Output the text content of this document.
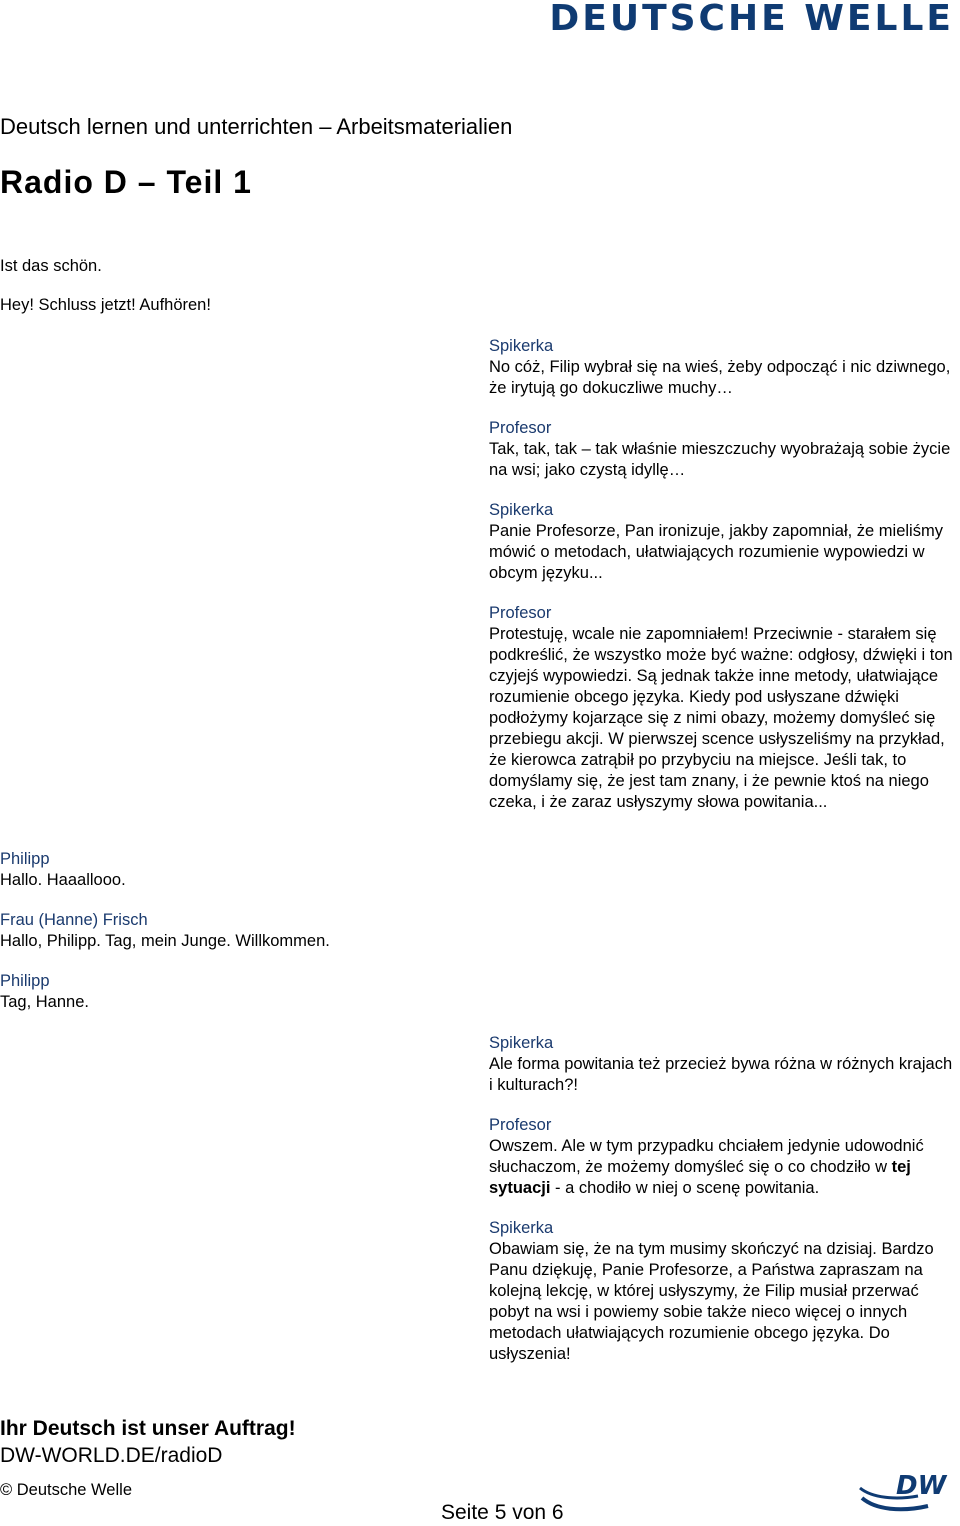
DEUTSCHE WELLE
Deutsch lernen und unterrichten – Arbeitsmaterialien
Radio D – Teil 1
Ist das schön.
Hey! Schluss jetzt! Aufhören!
Spikerka
No cóż, Filip wybrał się na wieś, żeby odpocząć i nic dziwnego, że irytują go dokuczliwe muchy…
Profesor
Tak, tak, tak – tak właśnie mieszczuchy wyobrażają sobie życie na wsi; jako czystą idyllę…
Spikerka
Panie Profesorze, Pan ironizuje, jakby zapomniał, że mieliśmy mówić o metodach, ułatwiających rozumienie wypowiedzi w obcym języku...
Profesor
Protestuję, wcale nie zapomniałem! Przeciwnie - starałem się podkreślić, że wszystko może być ważne: odgłosy, dźwięki i ton czyjejś wypowiedzi. Są jednak także inne metody, ułatwiające rozumienie obcego języka. Kiedy pod usłyszane dźwięki podłożymy kojarzące się z nimi obazy, możemy domyśleć się przebiegu akcji. W pierwszej scence usłyszeliśmy na przykład, że kierowca zatrąbił po przybyciu na miejsce. Jeśli tak, to domyślamy się, że jest tam znany, i że pewnie ktoś na niego czeka, i że zaraz usłyszymy słowa powitania...
Philipp
Hallo. Haaallooo.
Frau (Hanne) Frisch
Hallo, Philipp. Tag, mein Junge. Willkommen.
Philipp
Tag, Hanne.
Spikerka
Ale forma powitania też przecież bywa różna w różnych krajach i kulturach?!
Profesor
Owszem. Ale w tym przypadku chciałem jedynie udowodnić słuchaczom, że możemy domyśleć się o co chodziło w tej sytuacji - a chodiło w niej o scenę powitania.
Spikerka
Obawiam się, że na tym musimy skończyć na dzisiaj. Bardzo Panu dziękuję, Panie Profesorze, a Państwa zapraszam na kolejną lekcję, w której usłyszymy, że Filip musiał przerwać pobyt na wsi i powiemy sobie także nieco więcej o innych metodach ułatwiających rozumienie obcego języka. Do usłyszenia!
Ihr Deutsch ist unser Auftrag!
DW-WORLD.DE/radioD
© Deutsche Welle
Seite 5 von 6
DW
